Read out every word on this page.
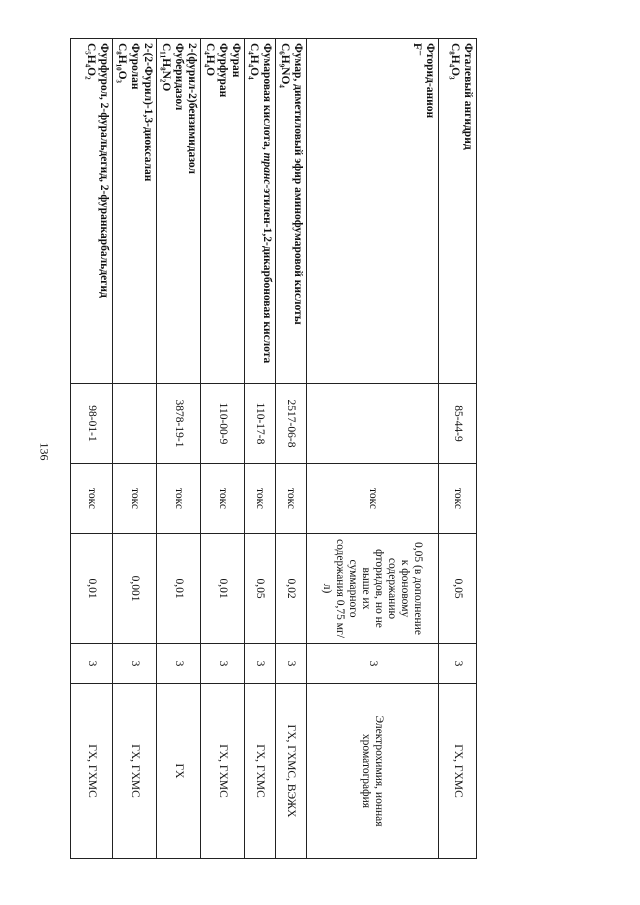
136
Фталевый ангидрид
C₈H₄O₃	85-44-9	токс	0,05	3	ГХ, ГХМС

Фторид-анион
F⁻		токс	0,05 (в дополнение к фоновому содержанию фторидов, но не выше их суммарного содержания 0,75 мг/л)	3	Электрохимия, ионная хроматография

Фумар, диметиловый эфир аминофумаровой кислоты
C₆H₉NO₄	2517-06-8	токс	0,02	3	ГХ, ГХМС, ВЭЖХ

Фумаровая кислота, транс-этилен-1,2-дикарбоновая кислота
C₄H₄O₄	110-17-8	токс	0,05	3	ГХ, ГХМС

Фуран
Фурфуран
C₄H₄O	110-00-9	токс	0,01	3	ГХ, ГХМС

2-(фурил-2)бензимидазол
Фуберидазол
C₁₁H₈N₂O	3878-19-1	токс	0,01	3	ГХ

2-(2-Фурил)-1,3-диоксалан
Фуролан
C₈H₁₀O₃		токс	0,001	3	ГХ, ГХМС

Фурфурол, 2-фуральдегид, 2-фуранкарбальдегид
C₅H₄O₂	98-01-1	токс	0,01	3	ГХ, ГХМС
